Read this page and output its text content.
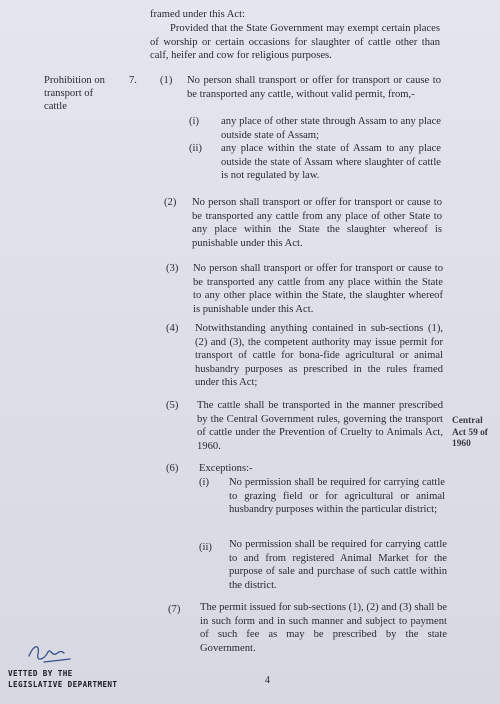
framed under this Act:
Provided that the State Government may exempt certain places of worship or certain occasions for slaughter of cattle other than calf, heifer and cow for religious purposes.
Prohibition on transport of cattle
7. (1) No person shall transport or offer for transport or cause to be transported any cattle, without valid permit, from,-
(i) any place of other state through Assam to any place outside state of Assam;
(ii) any place within the state of Assam to any place outside the state of Assam where slaughter of cattle is not regulated by law.
(2) No person shall transport or offer for transport or cause to be transported any cattle from any place of other State to any place within the State the slaughter whereof is punishable under this Act.
(3) No person shall transport or offer for transport or cause to be transported any cattle from any place within the State to any other place within the State, the slaughter whereof is punishable under this Act.
(4) Notwithstanding anything contained in sub-sections (1), (2) and (3), the competent authority may issue permit for transport of cattle for bona-fide agricultural or animal husbandry purposes as prescribed in the rules framed under this Act;
(5) The cattle shall be transported in the manner prescribed by the Central Government rules, governing the transport of cattle under the Prevention of Cruelty to Animals Act, 1960.
Central Act 59 of 1960
(6) Exceptions:-
(i) No permission shall be required for carrying cattle to grazing field or for agricultural or animal husbandry purposes within the particular district;
(ii) No permission shall be required for carrying cattle to and from registered Animal Market for the purpose of sale and purchase of such cattle within the district.
(7) The permit issued for sub-sections (1), (2) and (3) shall be in such form and in such manner and subject to payment of such fee as may be prescribed by the state Government.
VETTED BY THE
LEGISLATIVE DEPARTMENT	4
